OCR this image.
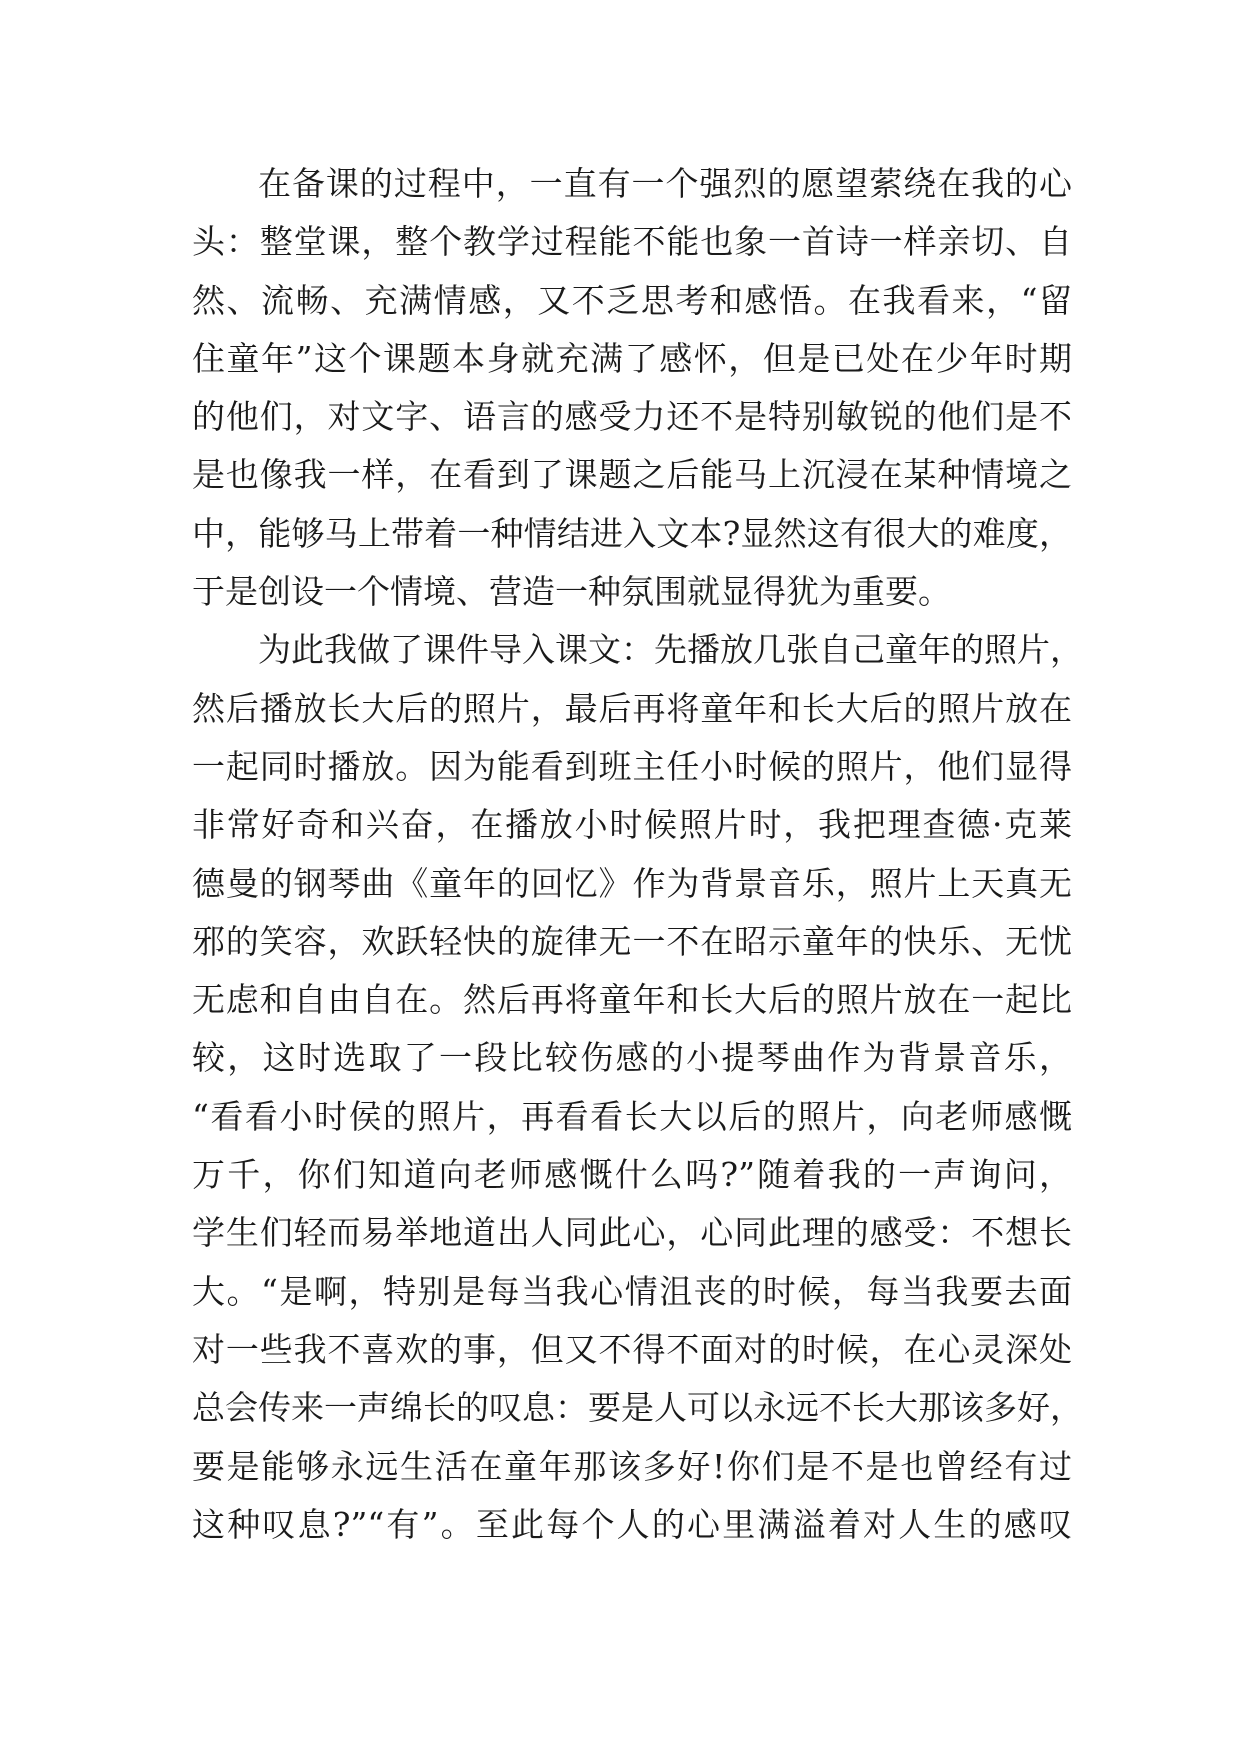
在备课的过程中，一直有一个强烈的愿望萦绕在我的心
头：整堂课，整个教学过程能不能也象一首诗一样亲切、自
然、流畅、充满情感，又不乏思考和感悟。在我看来，“留
住童年”这个课题本身就充满了感怀，但是已处在少年时期
的他们，对文字、语言的感受力还不是特别敏锐的他们是不
是也像我一样，在看到了课题之后能马上沉浸在某种情境之
中，能够马上带着一种情结进入文本?显然这有很大的难度，
于是创设一个情境、营造一种氛围就显得犹为重要。
为此我做了课件导入课文：先播放几张自己童年的照片，
然后播放长大后的照片，最后再将童年和长大后的照片放在
一起同时播放。因为能看到班主任小时候的照片，他们显得
非常好奇和兴奋，在播放小时候照片时，我把理查德·克莱
德曼的钢琴曲《童年的回忆》作为背景音乐，照片上天真无
邪的笑容，欢跃轻快的旋律无一不在昭示童年的快乐、无忧
无虑和自由自在。然后再将童年和长大后的照片放在一起比
较，这时选取了一段比较伤感的小提琴曲作为背景音乐，
“看看小时侯的照片，再看看长大以后的照片，向老师感慨
万千，你们知道向老师感慨什么吗?”随着我的一声询问，
学生们轻而易举地道出人同此心，心同此理的感受：不想长
大。“是啊，特别是每当我心情沮丧的时候，每当我要去面
对一些我不喜欢的事，但又不得不面对的时候，在心灵深处
总会传来一声绵长的叹息：要是人可以永远不长大那该多好，
要是能够永远生活在童年那该多好!你们是不是也曾经有过
这种叹息?”“有”。至此每个人的心里满溢着对人生的感叹
